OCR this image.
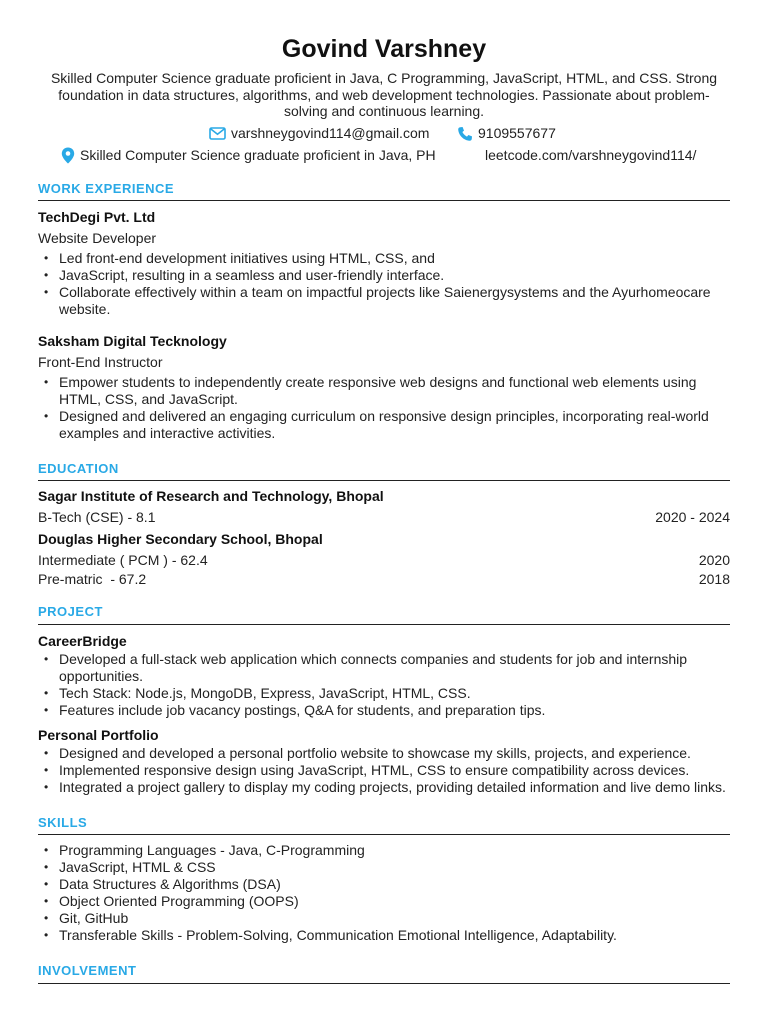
Govind Varshney
Skilled Computer Science graduate proficient in Java, C Programming, JavaScript, HTML, and CSS. Strong foundation in data structures, algorithms, and web development technologies. Passionate about problem-solving and continuous learning.
varshneygovind114@gmail.com	9109557677
Skilled Computer Science graduate proficient in Java, PH	leetcode.com/varshneygovind114/
WORK EXPERIENCE
TechDegi Pvt. Ltd
Website Developer
• Led front-end development initiatives using HTML, CSS, and
• JavaScript, resulting in a seamless and user-friendly interface.
• Collaborate effectively within a team on impactful projects like Saienergysystems and the Ayurhomeocare website.
Saksham Digital Tecknology
Front-End Instructor
• Empower students to independently create responsive web designs and functional web elements using HTML, CSS, and JavaScript.
• Designed and delivered an engaging curriculum on responsive design principles, incorporating real-world examples and interactive activities.
EDUCATION
Sagar Institute of Research and Technology, Bhopal
B-Tech (CSE) - 8.1	2020 - 2024
Douglas Higher Secondary School, Bhopal
Intermediate ( PCM ) - 62.4	2020
Pre-matric  - 67.2	2018
PROJECT
CareerBridge
• Developed a full-stack web application which connects companies and students for job and internship opportunities.
• Tech Stack: Node.js, MongoDB, Express, JavaScript, HTML, CSS.
• Features include job vacancy postings, Q&A for students, and preparation tips.
Personal Portfolio
• Designed and developed a personal portfolio website to showcase my skills, projects, and experience.
• Implemented responsive design using JavaScript, HTML, CSS to ensure compatibility across devices.
• Integrated a project gallery to display my coding projects, providing detailed information and live demo links.
SKILLS
• Programming Languages - Java, C-Programming
• JavaScript, HTML & CSS
• Data Structures & Algorithms (DSA)
• Object Oriented Programming (OOPS)
• Git, GitHub
• Transferable Skills - Problem-Solving, Communication Emotional Intelligence, Adaptability.
INVOLVEMENT
